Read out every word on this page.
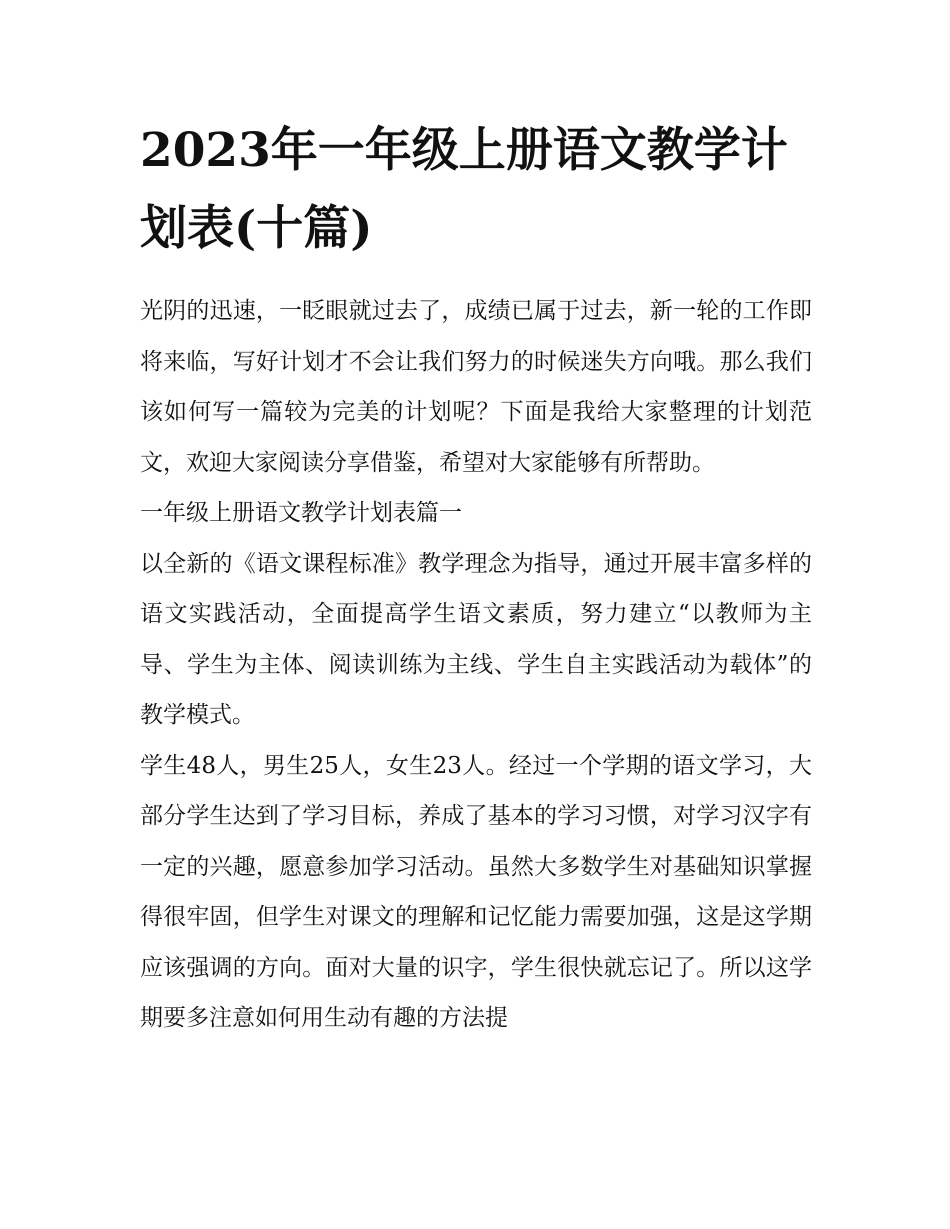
2023年一年级上册语文教学计划表(十篇)

光阴的迅速，一眨眼就过去了，成绩已属于过去，新一轮的工作即将来临，写好计划才不会让我们努力的时候迷失方向哦。那么我们该如何写一篇较为完美的计划呢？下面是我给大家整理的计划范文，欢迎大家阅读分享借鉴，希望对大家能够有所帮助。

一年级上册语文教学计划表篇一

以全新的《语文课程标准》教学理念为指导，通过开展丰富多样的语文实践活动，全面提高学生语文素质，努力建立“以教师为主导、学生为主体、阅读训练为主线、学生自主实践活动为载体”的教学模式。

学生48人，男生25人，女生23人。经过一个学期的语文学习，大部分学生达到了学习目标，养成了基本的学习习惯，对学习汉字有一定的兴趣，愿意参加学习活动。虽然大多数学生对基础知识掌握得很牢固，但学生对课文的理解和记忆能力需要加强，这是这学期应该强调的方向。面对大量的识字，学生很快就忘记了。所以这学期要多注意如何用生动有趣的方法提
